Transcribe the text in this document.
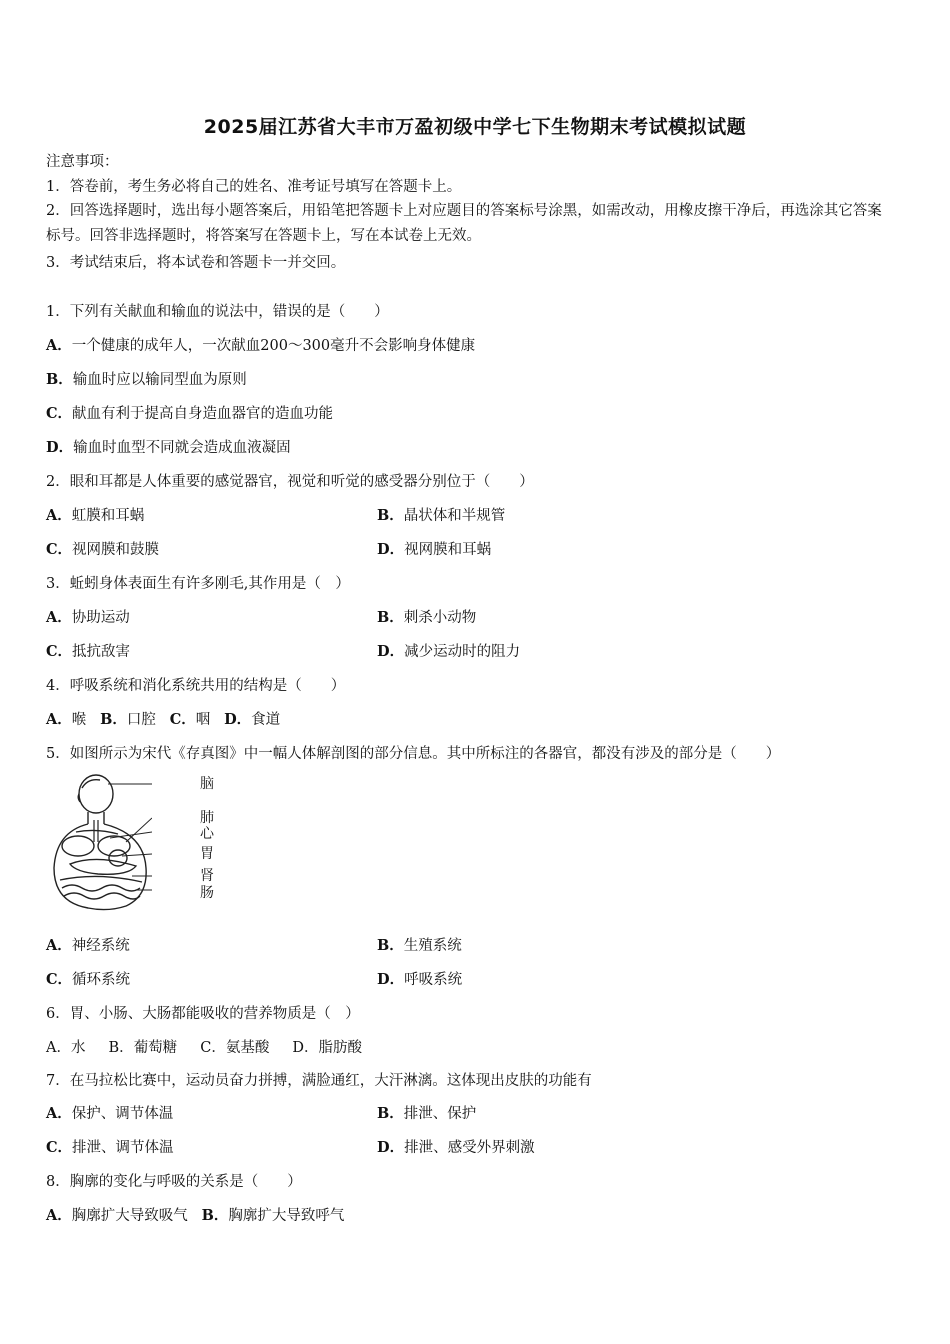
2025届江苏省大丰市万盈初级中学七下生物期末考试模拟试题
注意事项：
1．答卷前，考生务必将自己的姓名、准考证号填写在答题卡上。
2．回答选择题时，选出每小题答案后，用铅笔把答题卡上对应题目的答案标号涂黑，如需改动，用橡皮擦干净后，再选涂其它答案标号。回答非选择题时，将答案写在答题卡上，写在本试卷上无效。
3．考试结束后，将本试卷和答题卡一并交回。
1．下列有关献血和输血的说法中，错误的是（　　）
A．一个健康的成年人，一次献血200～300毫升不会影响身体健康
B．输血时应以输同型血为原则
C．献血有利于提高自身造血器官的造血功能
D．输血时血型不同就会造成血液凝固
2．眼和耳都是人体重要的感觉器官，视觉和听觉的感受器分别位于（　　）
A．虹膜和耳蜗	B．晶状体和半规管
C．视网膜和鼓膜	D．视网膜和耳蜗
3．蚯蚓身体表面生有许多刚毛,其作用是（　）
A．协助运动	B．刺杀小动物
C．抵抗敌害	D．减少运动时的阻力
4．呼吸系统和消化系统共用的结构是（　　）
A．喉 B．口腔 C．咽 D．食道
5．如图所示为宋代《存真图》中一幅人体解剖图的部分信息。其中所标注的各器官，都没有涉及的部分是（　　）
脑
肺
心
胃
肾
肠
A．神经系统	B．生殖系统
C．循环系统	D．呼吸系统
6．胃、小肠、大肠都能吸收的营养物质是（　）
A．水 B．葡萄糖 C．氨基酸 D．脂肪酸
7．在马拉松比赛中，运动员奋力拼搏，满脸通红，大汗淋漓。这体现出皮肤的功能有
A．保护、调节体温	B．排泄、保护
C．排泄、调节体温	D．排泄、感受外界刺激
8．胸廓的变化与呼吸的关系是（　　）
A．胸廓扩大导致吸气 B．胸廓扩大导致呼气
